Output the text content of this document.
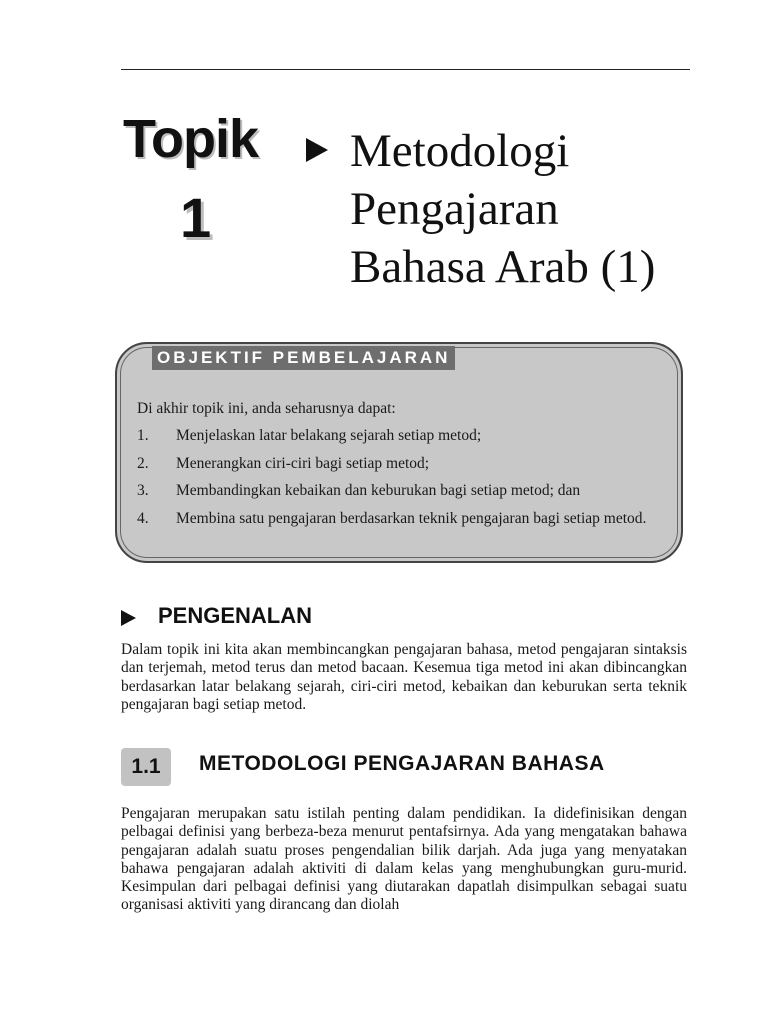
Topik
1
Metodologi
Pengajaran
Bahasa Arab (1)
OBJEKTIF PEMBELAJARAN
Di akhir topik ini, anda seharusnya dapat:
1. Menjelaskan latar belakang sejarah setiap metod;
2. Menerangkan ciri-ciri bagi setiap metod;
3. Membandingkan kebaikan dan keburukan bagi setiap metod; dan
4. Membina satu pengajaran berdasarkan teknik pengajaran bagi setiap metod.
PENGENALAN
Dalam topik ini kita akan membincangkan pengajaran bahasa, metod pengajaran sintaksis dan terjemah, metod terus dan metod bacaan. Kesemua tiga metod ini akan dibincangkan berdasarkan latar belakang sejarah, ciri-ciri metod, kebaikan dan keburukan serta teknik pengajaran bagi setiap metod.
1.1	METODOLOGI PENGAJARAN BAHASA
Pengajaran merupakan satu istilah penting dalam pendidikan. Ia didefinisikan dengan pelbagai definisi yang berbeza-beza menurut pentafsirnya. Ada yang mengatakan bahawa pengajaran adalah suatu proses pengendalian bilik darjah. Ada juga yang menyatakan bahawa pengajaran adalah aktiviti di dalam kelas yang menghubungkan guru-murid. Kesimpulan dari pelbagai definisi yang diutarakan dapatlah disimpulkan sebagai suatu organisasi aktiviti yang dirancang dan diolah
